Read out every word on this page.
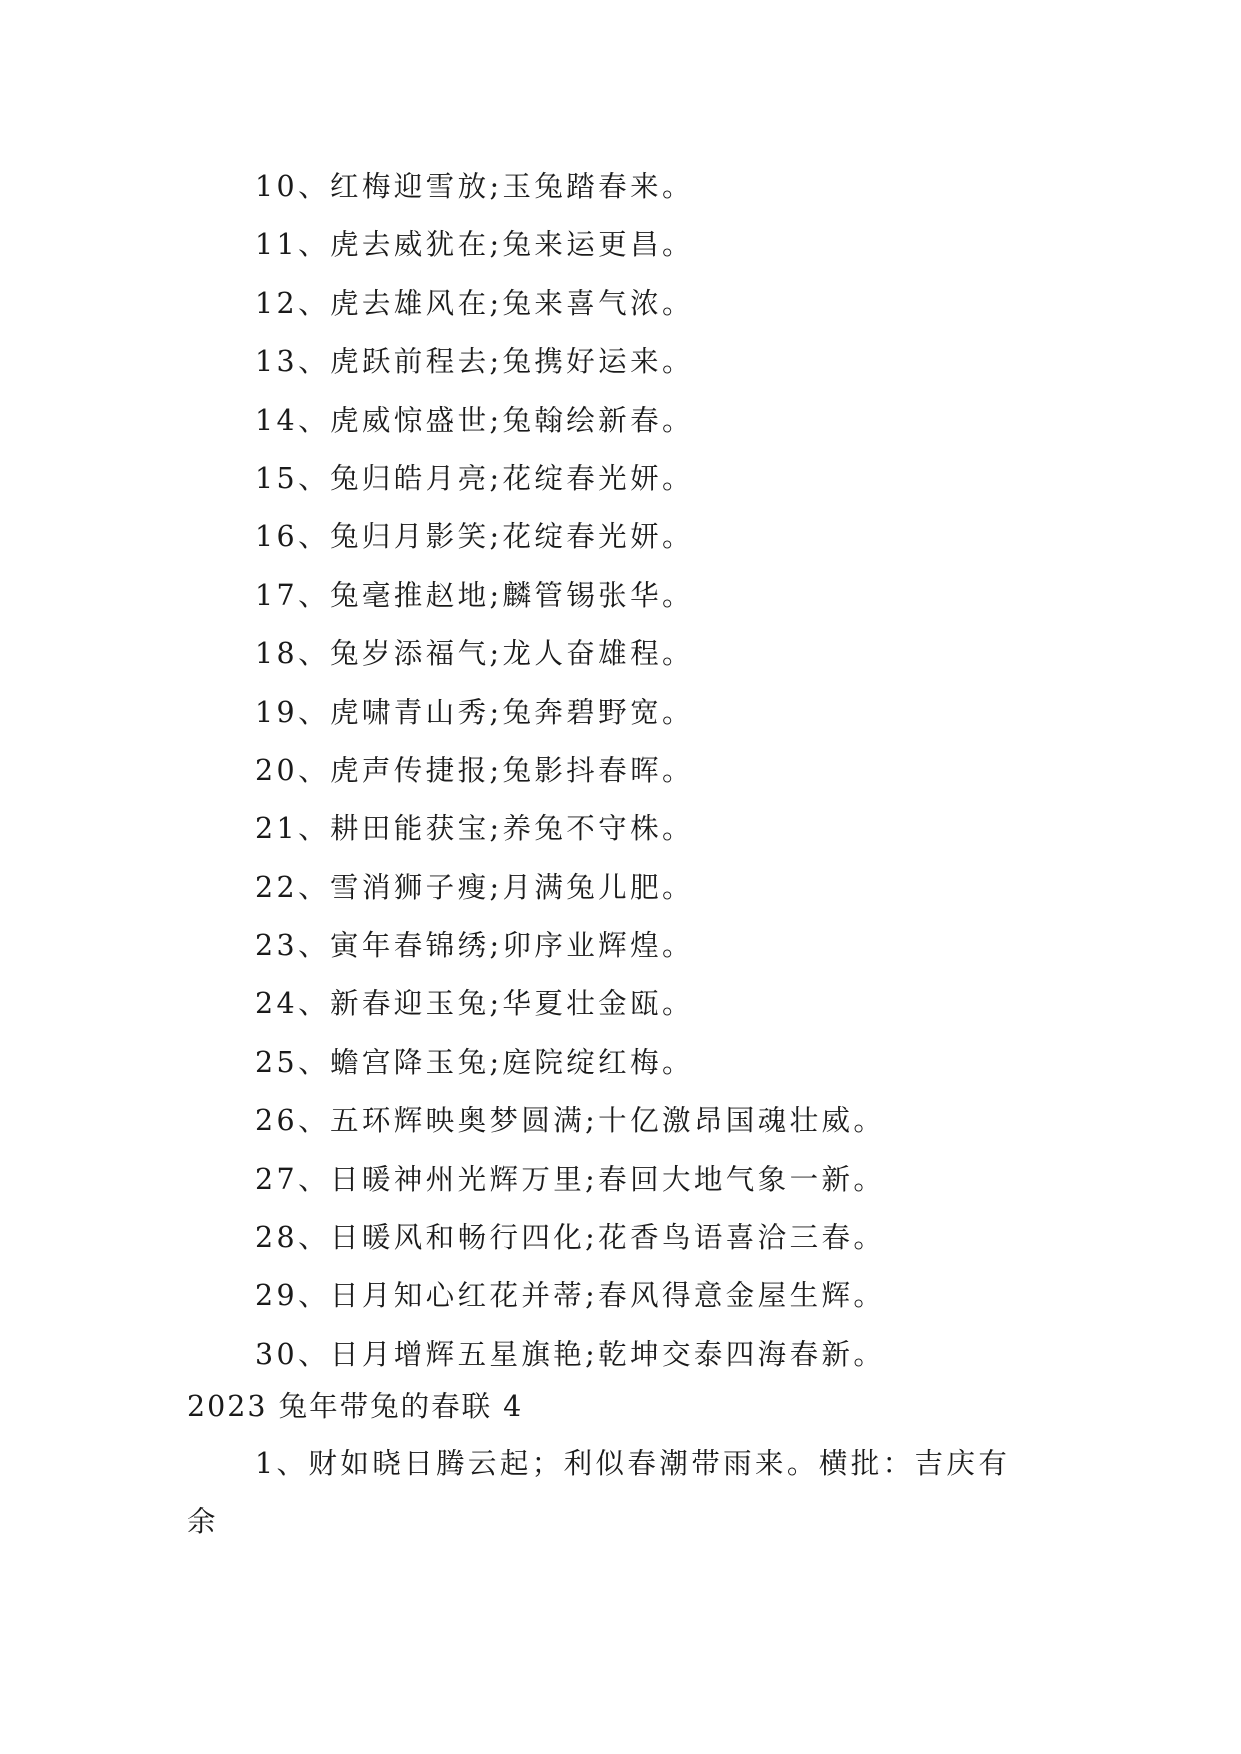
10、红梅迎雪放;玉兔踏春来。
11、虎去威犹在;兔来运更昌。
12、虎去雄风在;兔来喜气浓。
13、虎跃前程去;兔携好运来。
14、虎威惊盛世;兔翰绘新春。
15、兔归皓月亮;花绽春光妍。
16、兔归月影笑;花绽春光妍。
17、兔毫推赵地;麟管锡张华。
18、兔岁添福气;龙人奋雄程。
19、虎啸青山秀;兔奔碧野宽。
20、虎声传捷报;兔影抖春晖。
21、耕田能获宝;养兔不守株。
22、雪消狮子瘦;月满兔儿肥。
23、寅年春锦绣;卯序业辉煌。
24、新春迎玉兔;华夏壮金瓯。
25、蟾宫降玉兔;庭院绽红梅。
26、五环辉映奥梦圆满;十亿激昂国魂壮威。
27、日暖神州光辉万里;春回大地气象一新。
28、日暖风和畅行四化;花香鸟语喜洽三春。
29、日月知心红花并蒂;春风得意金屋生辉。
30、日月增辉五星旗艳;乾坤交泰四海春新。
2023 兔年带兔的春联 4
1、财如晓日腾云起；利似春潮带雨来。横批：吉庆有
余
